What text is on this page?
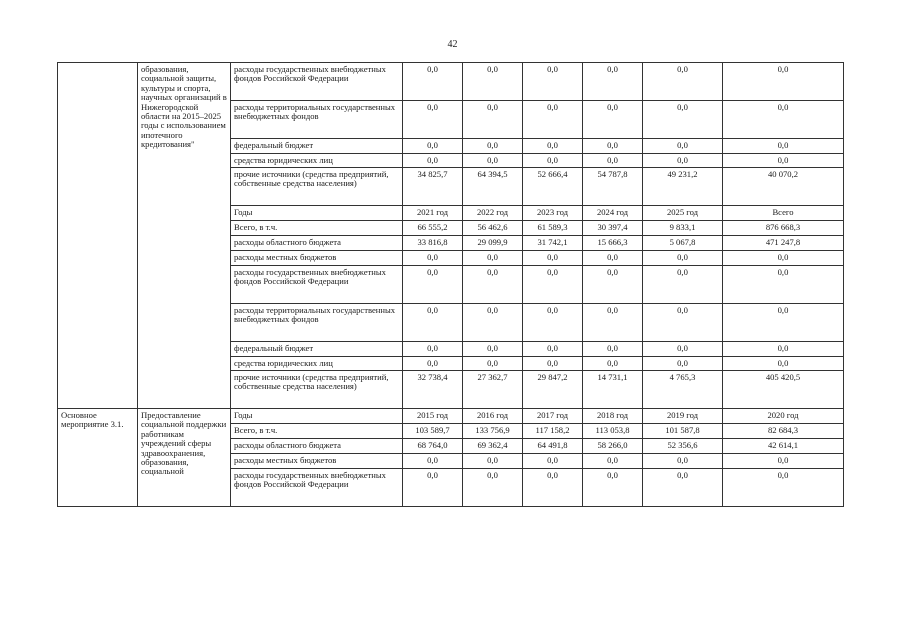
42
	образования, социальной защиты, культуры и спорта, научных организаций в Нижегородской области на 2015–2025 годы с использованием ипотечного кредитования"	расходы государственных внебюджетных фондов Российской Федерации	0,0	0,0	0,0	0,0	0,0	0,0
		расходы территориальных государственных внебюджетных фондов	0,0	0,0	0,0	0,0	0,0	0,0
		федеральный бюджет	0,0	0,0	0,0	0,0	0,0	0,0
		средства юридических лиц	0,0	0,0	0,0	0,0	0,0	0,0
		прочие источники (средства предприятий, собственные средства населения)	34 825,7	64 394,5	52 666,4	54 787,8	49 231,2	40 070,2
		Годы	2021 год	2022 год	2023 год	2024 год	2025 год	Всего
		Всего, в т.ч.	66 555,2	56 462,6	61 589,3	30 397,4	9 833,1	876 668,3
		расходы областного бюджета	33 816,8	29 099,9	31 742,1	15 666,3	5 067,8	471 247,8
		расходы местных бюджетов	0,0	0,0	0,0	0,0	0,0	0,0
		расходы государственных внебюджетных фондов Российской Федерации	0,0	0,0	0,0	0,0	0,0	0,0
		расходы территориальных государственных внебюджетных фондов	0,0	0,0	0,0	0,0	0,0	0,0
		федеральный бюджет	0,0	0,0	0,0	0,0	0,0	0,0
		средства юридических лиц	0,0	0,0	0,0	0,0	0,0	0,0
		прочие источники (средства предприятий, собственные средства населения)	32 738,4	27 362,7	29 847,2	14 731,1	4 765,3	405 420,5
Основное мероприятие 3.1.	Предоставление социальной поддержки работникам учреждений сферы здравоохранения, образования, социальной	Годы	2015 год	2016 год	2017 год	2018 год	2019 год	2020 год
		Всего, в т.ч.	103 589,7	133 756,9	117 158,2	113 053,8	101 587,8	82 684,3
		расходы областного бюджета	68 764,0	69 362,4	64 491,8	58 266,0	52 356,6	42 614,1
		расходы местных бюджетов	0,0	0,0	0,0	0,0	0,0	0,0
		расходы государственных внебюджетных фондов Российской Федерации	0,0	0,0	0,0	0,0	0,0	0,0
